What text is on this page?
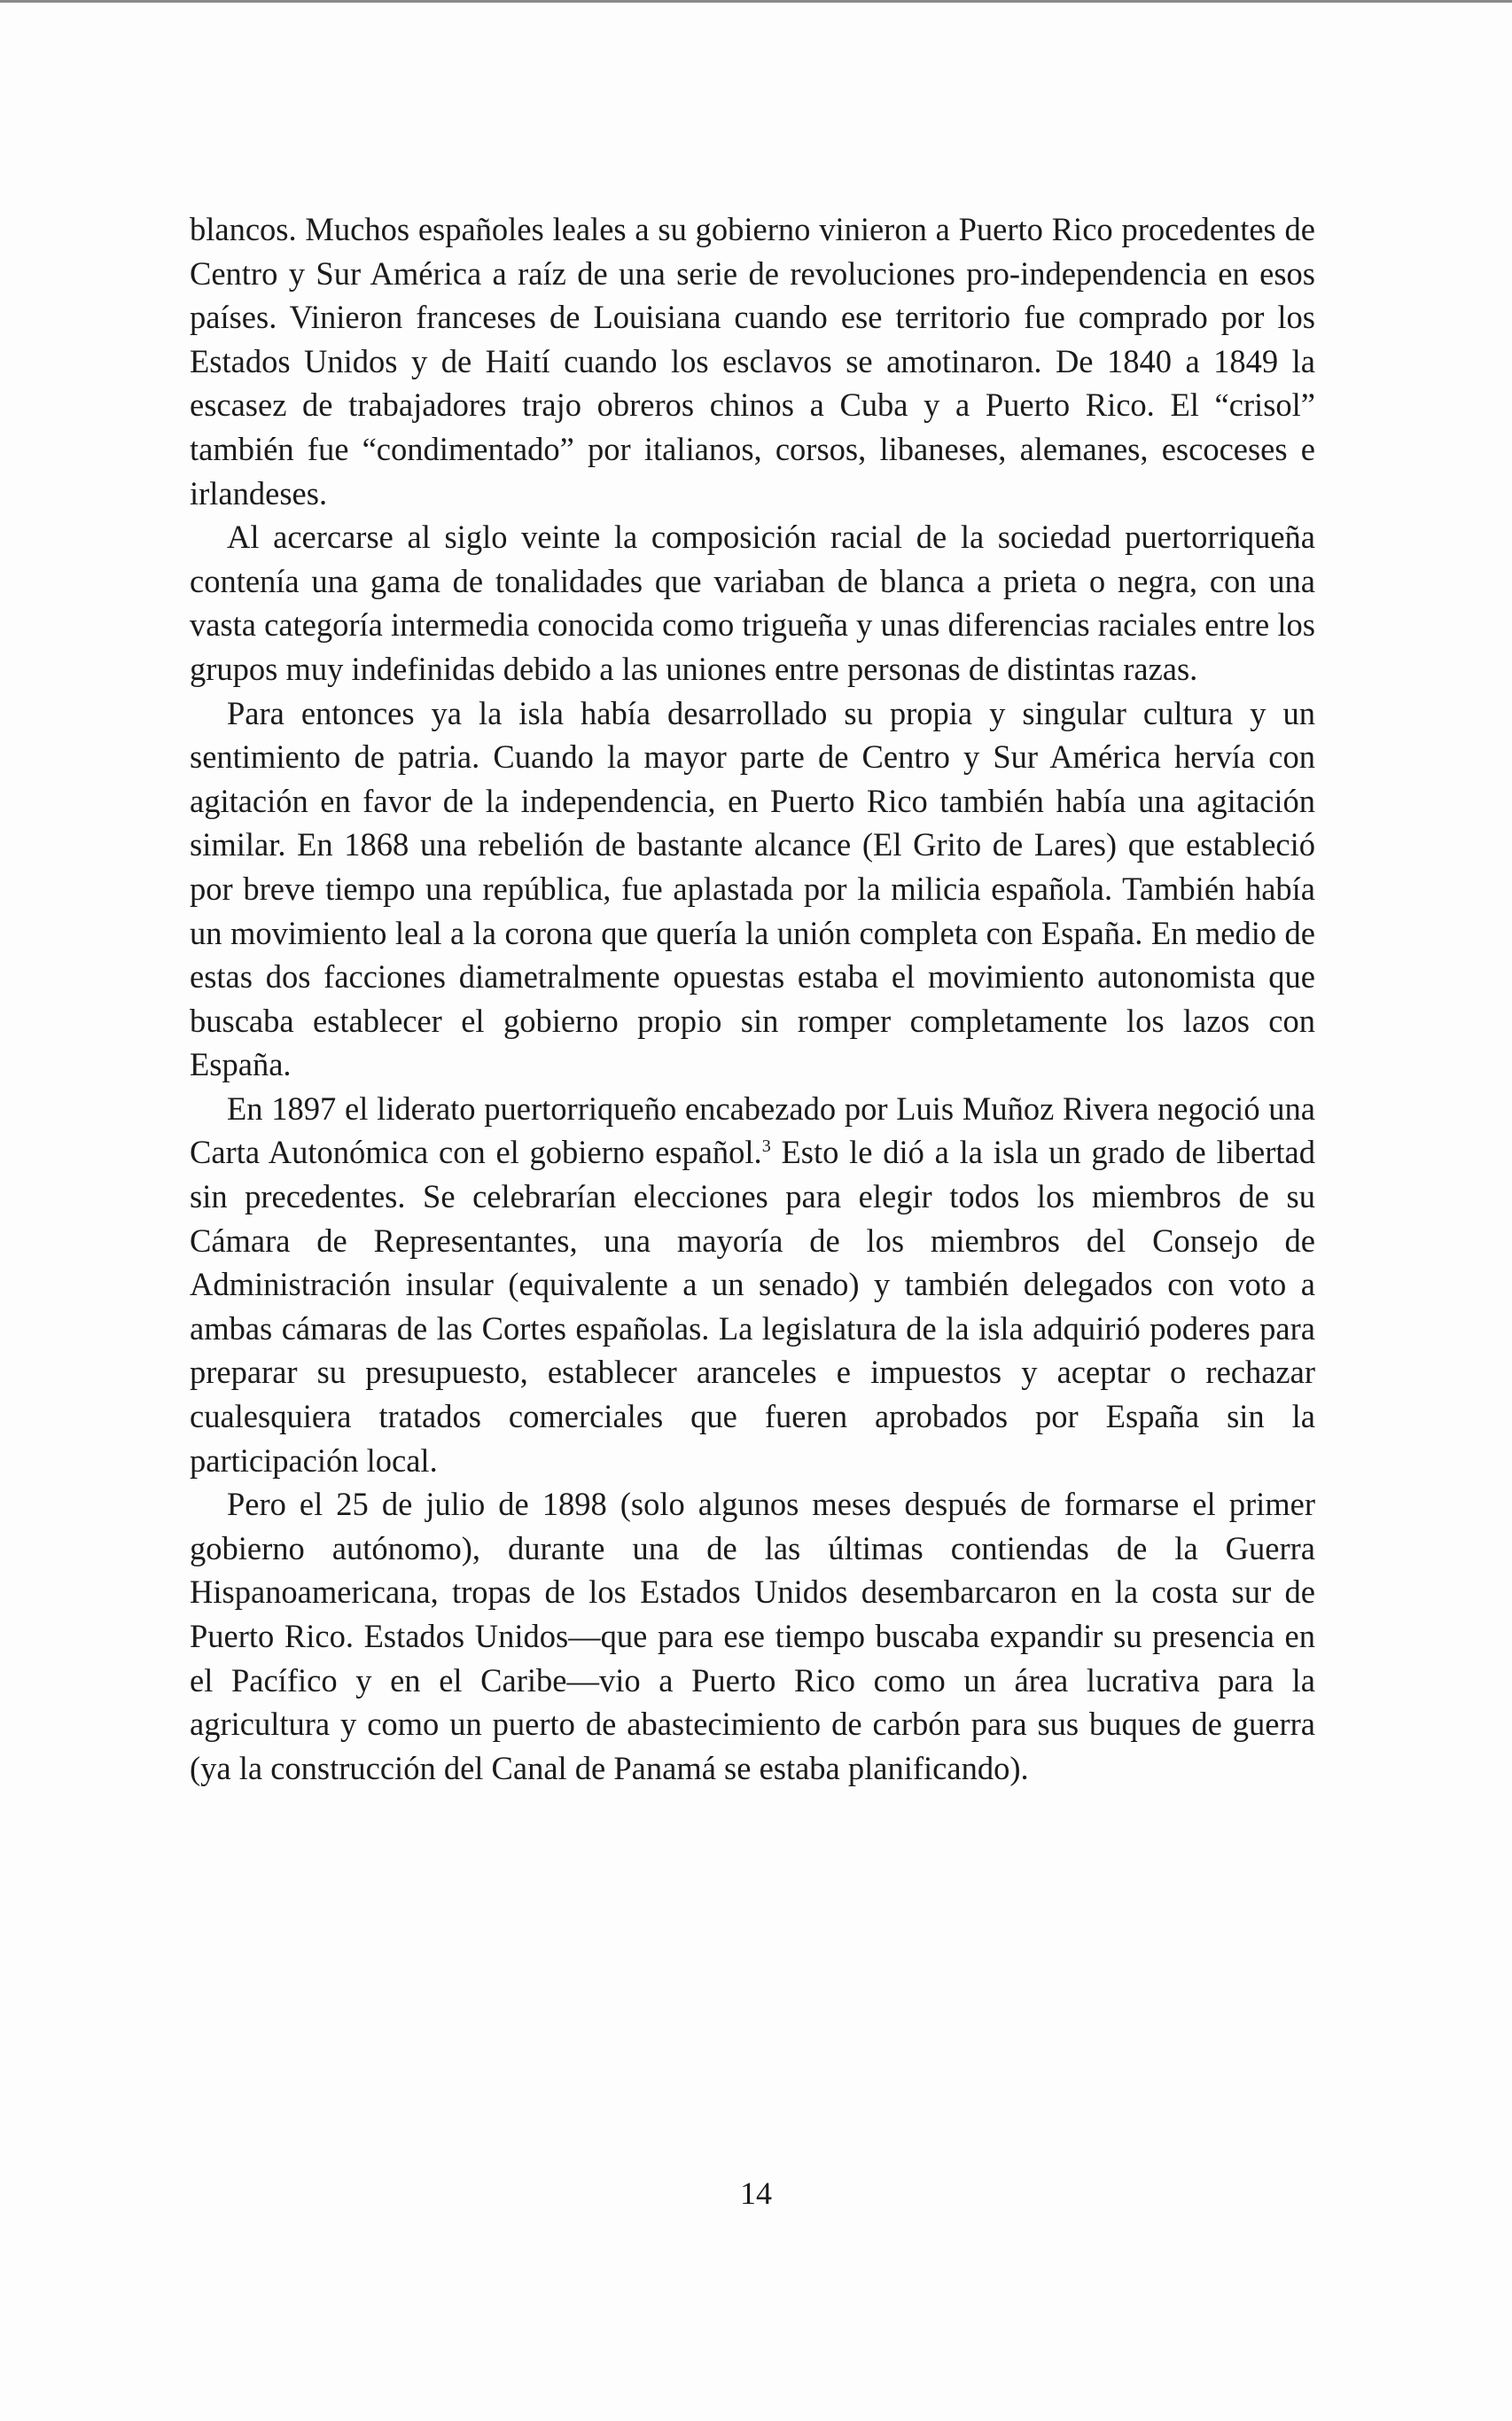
blancos. Muchos españoles leales a su gobierno vinieron a Puerto Rico procedentes de Centro y Sur América a raíz de una serie de revoluciones pro-independencia en esos países. Vinieron franceses de Louisiana cuando ese territorio fue comprado por los Estados Unidos y de Haití cuando los esclavos se amotinaron. De 1840 a 1849 la escasez de trabajadores trajo obreros chinos a Cuba y a Puerto Rico. El “crisol” también fue “condimentado” por italianos, corsos, libaneses, alemanes, escoceses e irlandeses.

Al acercarse al siglo veinte la composición racial de la sociedad puertorriqueña contenía una gama de tonalidades que variaban de blanca a prieta o negra, con una vasta categoría intermedia conocida como trigueña y unas diferencias raciales entre los grupos muy indefinidas debido a las uniones entre personas de distintas razas.

Para entonces ya la isla había desarrollado su propia y singular cultura y un sentimiento de patria. Cuando la mayor parte de Centro y Sur América hervía con agitación en favor de la independencia, en Puerto Rico también había una agitación similar. En 1868 una rebelión de bastante alcance (El Grito de Lares) que estableció por breve tiempo una república, fue aplastada por la milicia española. También había un movimiento leal a la corona que quería la unión completa con España. En medio de estas dos facciones diametralmente opuestas estaba el movimiento autonomista que buscaba establecer el gobierno propio sin romper completamente los lazos con España.

En 1897 el liderato puertorriqueño encabezado por Luis Muñoz Rivera negoció una Carta Autonómica con el gobierno español.$^3$ Esto le dió a la isla un grado de libertad sin precedentes. Se celebrarían elecciones para elegir todos los miembros de su Cámara de Representantes, una mayoría de los miembros del Consejo de Administración insular (equivalente a un senado) y también delegados con voto a ambas cámaras de las Cortes españolas. La legislatura de la isla adquirió poderes para preparar su presupuesto, establecer aranceles e impuestos y aceptar o rechazar cualesquiera tratados comerciales que fueren aprobados por España sin la participación local.

Pero el 25 de julio de 1898 (solo algunos meses después de formarse el primer gobierno autónomo), durante una de las últimas contiendas de la Guerra Hispanoamericana, tropas de los Estados Unidos desembarcaron en la costa sur de Puerto Rico. Estados Unidos—que para ese tiempo buscaba expandir su presencia en el Pacífico y en el Caribe—vio a Puerto Rico como un área lucrativa para la agricultura y como un puerto de abastecimiento de carbón para sus buques de guerra (ya la construcción del Canal de Panamá se estaba planificando).

14
